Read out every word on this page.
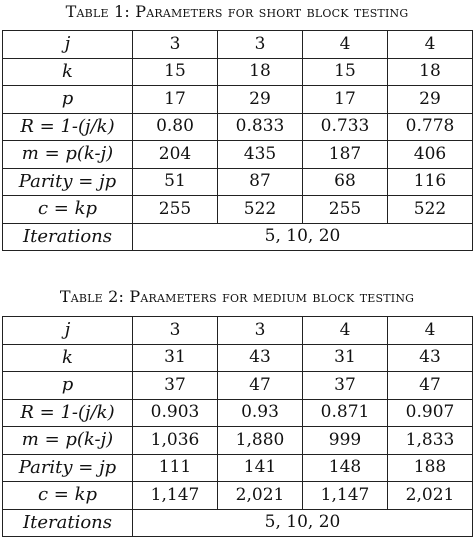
Table 1: Parameters for short block testing
j	3	3	4	4
k	15	18	15	18
p	17	29	17	29
R = 1-(j/k)	0.80	0.833	0.733	0.778
m = p(k-j)	204	435	187	406
Parity = jp	51	87	68	116
c = kp	255	522	255	522
Iterations	5, 10, 20			
Table 2: Parameters for medium block testing
j	3	3	4	4
k	31	43	31	43
p	37	47	37	47
R = 1-(j/k)	0.903	0.93	0.871	0.907
m = p(k-j)	1,036	1,880	999	1,833
Parity = jp	111	141	148	188
c = kp	1,147	2,021	1,147	2,021
Iterations	5, 10, 20			
